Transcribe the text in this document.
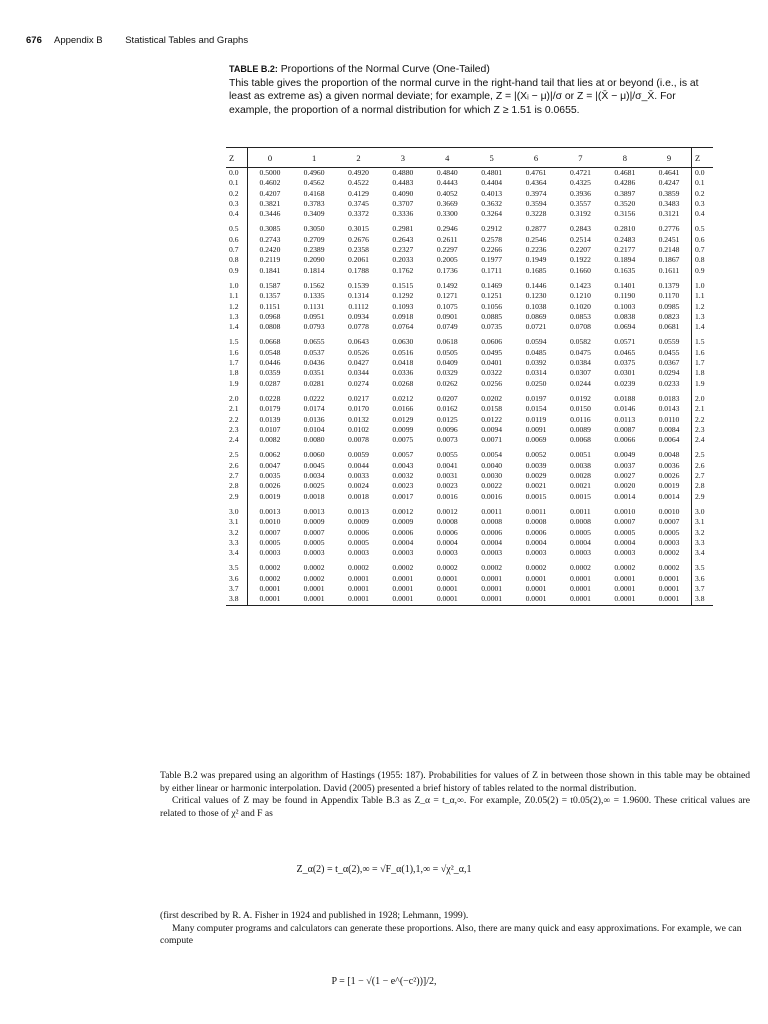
676 Appendix B Statistical Tables and Graphs
TABLE B.2: Proportions of the Normal Curve (One-Tailed)
This table gives the proportion of the normal curve in the right-hand tail that lies at or beyond (i.e., is at least as extreme as) a given normal deviate; for example, Z = |(Xᵢ − μ)|/σ or Z = |(X̄ − μ)|/σ_X̄. For example, the proportion of a normal distribution for which Z ≥ 1.51 is 0.0655.
Z	0	1	2	3	4	5	6	7	8	9	Z
0.0	0.5000	0.4960	0.4920	0.4880	0.4840	0.4801	0.4761	0.4721	0.4681	0.4641	0.0
0.1	0.4602	0.4562	0.4522	0.4483	0.4443	0.4404	0.4364	0.4325	0.4286	0.4247	0.1
0.2	0.4207	0.4168	0.4129	0.4090	0.4052	0.4013	0.3974	0.3936	0.3897	0.3859	0.2
0.3	0.3821	0.3783	0.3745	0.3707	0.3669	0.3632	0.3594	0.3557	0.3520	0.3483	0.3
0.4	0.3446	0.3409	0.3372	0.3336	0.3300	0.3264	0.3228	0.3192	0.3156	0.3121	0.4

0.5	0.3085	0.3050	0.3015	0.2981	0.2946	0.2912	0.2877	0.2843	0.2810	0.2776	0.5
0.6	0.2743	0.2709	0.2676	0.2643	0.2611	0.2578	0.2546	0.2514	0.2483	0.2451	0.6
0.7	0.2420	0.2389	0.2358	0.2327	0.2297	0.2266	0.2236	0.2207	0.2177	0.2148	0.7
0.8	0.2119	0.2090	0.2061	0.2033	0.2005	0.1977	0.1949	0.1922	0.1894	0.1867	0.8
0.9	0.1841	0.1814	0.1788	0.1762	0.1736	0.1711	0.1685	0.1660	0.1635	0.1611	0.9

1.0	0.1587	0.1562	0.1539	0.1515	0.1492	0.1469	0.1446	0.1423	0.1401	0.1379	1.0
1.1	0.1357	0.1335	0.1314	0.1292	0.1271	0.1251	0.1230	0.1210	0.1190	0.1170	1.1
1.2	0.1151	0.1131	0.1112	0.1093	0.1075	0.1056	0.1038	0.1020	0.1003	0.0985	1.2
1.3	0.0968	0.0951	0.0934	0.0918	0.0901	0.0885	0.0869	0.0853	0.0838	0.0823	1.3
1.4	0.0808	0.0793	0.0778	0.0764	0.0749	0.0735	0.0721	0.0708	0.0694	0.0681	1.4

1.5	0.0668	0.0655	0.0643	0.0630	0.0618	0.0606	0.0594	0.0582	0.0571	0.0559	1.5
1.6	0.0548	0.0537	0.0526	0.0516	0.0505	0.0495	0.0485	0.0475	0.0465	0.0455	1.6
1.7	0.0446	0.0436	0.0427	0.0418	0.0409	0.0401	0.0392	0.0384	0.0375	0.0367	1.7
1.8	0.0359	0.0351	0.0344	0.0336	0.0329	0.0322	0.0314	0.0307	0.0301	0.0294	1.8
1.9	0.0287	0.0281	0.0274	0.0268	0.0262	0.0256	0.0250	0.0244	0.0239	0.0233	1.9

2.0	0.0228	0.0222	0.0217	0.0212	0.0207	0.0202	0.0197	0.0192	0.0188	0.0183	2.0
2.1	0.0179	0.0174	0.0170	0.0166	0.0162	0.0158	0.0154	0.0150	0.0146	0.0143	2.1
2.2	0.0139	0.0136	0.0132	0.0129	0.0125	0.0122	0.0119	0.0116	0.0113	0.0110	2.2
2.3	0.0107	0.0104	0.0102	0.0099	0.0096	0.0094	0.0091	0.0089	0.0087	0.0084	2.3
2.4	0.0082	0.0080	0.0078	0.0075	0.0073	0.0071	0.0069	0.0068	0.0066	0.0064	2.4

2.5	0.0062	0.0060	0.0059	0.0057	0.0055	0.0054	0.0052	0.0051	0.0049	0.0048	2.5
2.6	0.0047	0.0045	0.0044	0.0043	0.0041	0.0040	0.0039	0.0038	0.0037	0.0036	2.6
2.7	0.0035	0.0034	0.0033	0.0032	0.0031	0.0030	0.0029	0.0028	0.0027	0.0026	2.7
2.8	0.0026	0.0025	0.0024	0.0023	0.0023	0.0022	0.0021	0.0021	0.0020	0.0019	2.8
2.9	0.0019	0.0018	0.0018	0.0017	0.0016	0.0016	0.0015	0.0015	0.0014	0.0014	2.9

3.0	0.0013	0.0013	0.0013	0.0012	0.0012	0.0011	0.0011	0.0011	0.0010	0.0010	3.0
3.1	0.0010	0.0009	0.0009	0.0009	0.0008	0.0008	0.0008	0.0008	0.0007	0.0007	3.1
3.2	0.0007	0.0007	0.0006	0.0006	0.0006	0.0006	0.0006	0.0005	0.0005	0.0005	3.2
3.3	0.0005	0.0005	0.0005	0.0004	0.0004	0.0004	0.0004	0.0004	0.0004	0.0003	3.3
3.4	0.0003	0.0003	0.0003	0.0003	0.0003	0.0003	0.0003	0.0003	0.0003	0.0002	3.4

3.5	0.0002	0.0002	0.0002	0.0002	0.0002	0.0002	0.0002	0.0002	0.0002	0.0002	3.5
3.6	0.0002	0.0002	0.0001	0.0001	0.0001	0.0001	0.0001	0.0001	0.0001	0.0001	3.6
3.7	0.0001	0.0001	0.0001	0.0001	0.0001	0.0001	0.0001	0.0001	0.0001	0.0001	3.7
3.8	0.0001	0.0001	0.0001	0.0001	0.0001	0.0001	0.0001	0.0001	0.0001	0.0001	3.8

Table B.2 was prepared using an algorithm of Hastings (1955: 187). Probabilities for values of Z in between those shown in this table may be obtained by either linear or harmonic interpolation. David (2005) presented a brief history of tables related to the normal distribution.

Critical values of Z may be found in Appendix Table B.3 as Z_α = t_α,∞. For example, Z0.05(2) = t0.05(2),∞ = 1.9600. These critical values are related to those of χ² and F as

Z_α(2) = t_α(2),∞ = √F_α(1),1,∞ = √χ²_α,1

(first described by R. A. Fisher in 1924 and published in 1928; Lehmann, 1999).

Many computer programs and calculators can generate these proportions. Also, there are many quick and easy approximations. For example, we can compute

P = [1 − √(1 − e^(−c²))]/2,
